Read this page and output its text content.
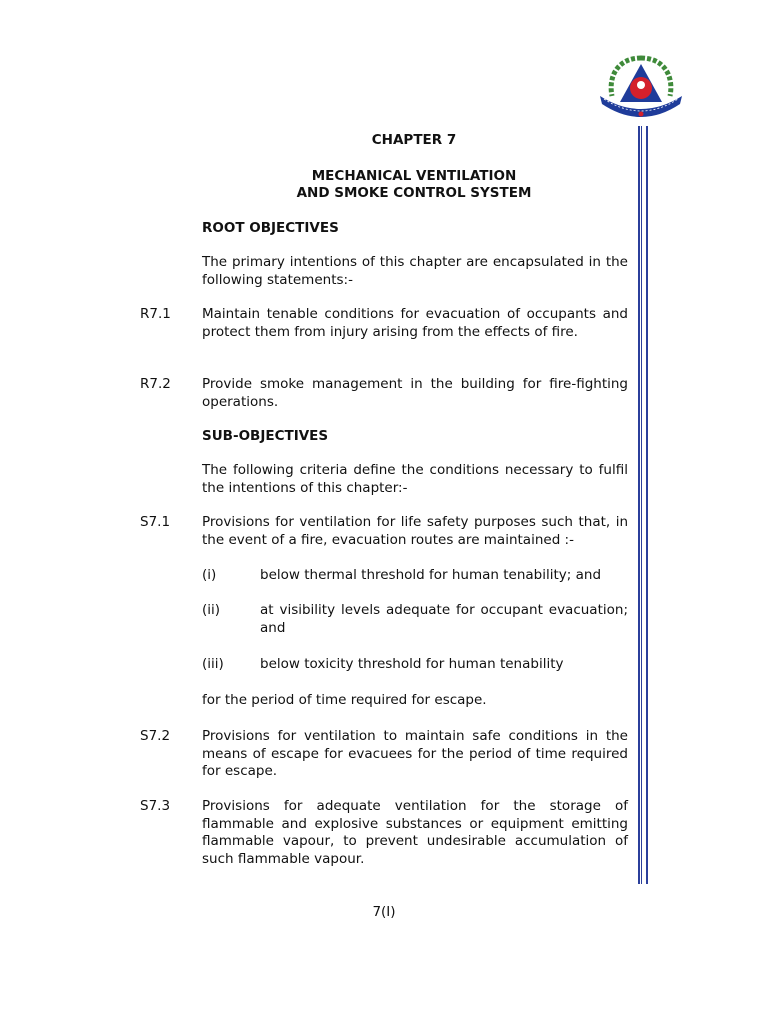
CHAPTER 7
MECHANICAL VENTILATION
AND SMOKE CONTROL SYSTEM
ROOT OBJECTIVES
The primary intentions of this chapter are encapsulated in the following statements:-
R7.1 Maintain tenable conditions for evacuation of occupants and protect them from injury arising from the effects of fire.
R7.2 Provide smoke management in the building for fire-fighting operations.
SUB-OBJECTIVES
The following criteria define the conditions necessary to fulfil the intentions of this chapter:-
S7.1 Provisions for ventilation for life safety purposes such that, in the event of a fire, evacuation routes are maintained :-
(i)	below thermal threshold for human tenability; and
(ii)	at visibility levels adequate for occupant evacuation; and
(iii)	below toxicity threshold for human tenability
for the period of time required for escape.
S7.2 Provisions for ventilation to maintain safe conditions in the means of escape for evacuees for the period of time required for escape.
S7.3 Provisions for adequate ventilation for the storage of flammable and explosive substances or equipment emitting flammable vapour, to prevent undesirable accumulation of such flammable vapour.
7(I)
